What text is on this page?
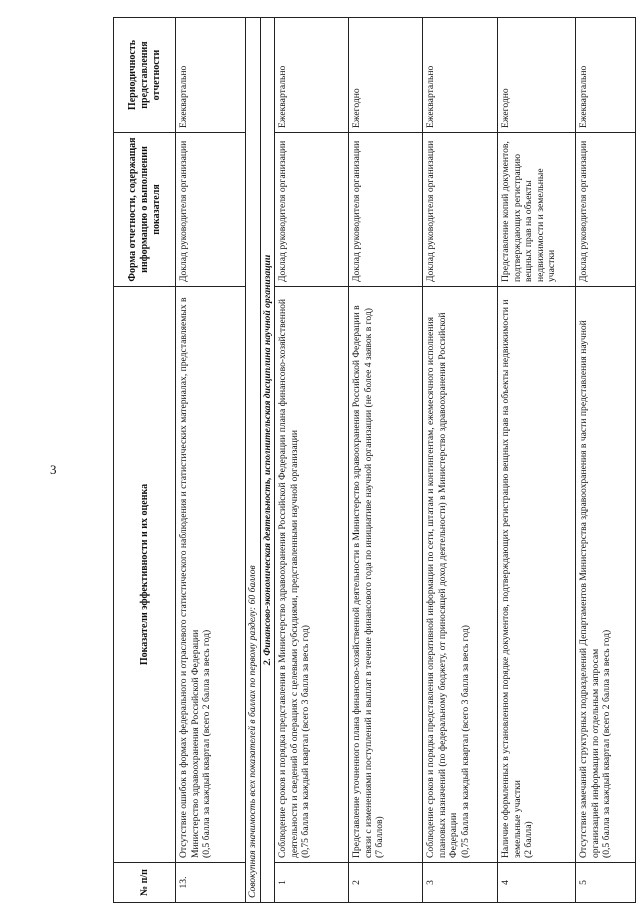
3
№ п/п	Показатели эффективности и их оценка	Форма отчетности, содержащая информацию о выполнении показателя	Периодичность представления отчетности
13.	Отсутствие ошибок в формах федерального и отраслевого статистического наблюдения и статистических материалах, представляемых в Министерство здравоохранения Российской Федерации (0,5 балла за каждый квартал (всего 2 балла за весь год)	Доклад руководителя организации	Ежеквартально
Совокупная значимость всех показателей в баллах по первому разделу: 60 баллов			
2. Финансово-экономическая деятельность, исполнительская дисциплина научной организации			
1	Соблюдение сроков и порядка представления в Министерство здравоохранения Российской Федерации плана финансово-хозяйственной деятельности и сведений об операциях с целевыми субсидиями, представленными научной организации (0,75 балла за каждый квартал (всего 3 балла за весь год)	Доклад руководителя организации	Ежеквартально
2	Представление уточненного плана финансово-хозяйственной деятельности в Министерство здравоохранения Российской Федерации в связи с изменениями поступлений и выплат в течение финансового года по инициативе научной организации (не более 4 заявок в год) (7 баллов)	Доклад руководителя организации	Ежегодно
3	Соблюдение сроков и порядка представления оперативной информации по сети, штатам и контингентам, ежемесячного исполнения плановых назначений (по федеральному бюджету, от приносящей доход деятельности) в Министерство здравоохранения Российской Федерации (0,75 балла за каждый квартал (всего 3 балла за весь год)	Доклад руководителя организации	Ежеквартально
4	Наличие оформленных в установленном порядке документов, подтверждающих регистрацию вещных прав на объекты недвижимости и земельные участки (2 балла)	Представление копий документов, подтверждающих регистрацию вещных прав на объекты недвижимости и земельные участки	Ежегодно
5	Отсутствие замечаний структурных подразделений Департаментов Министерства здравоохранения в части представления научной организацией информации по отдельным запросам (0,5 балла за каждый квартал (всего 2 балла за весь год)	Доклад руководителя организации	Ежеквартально
